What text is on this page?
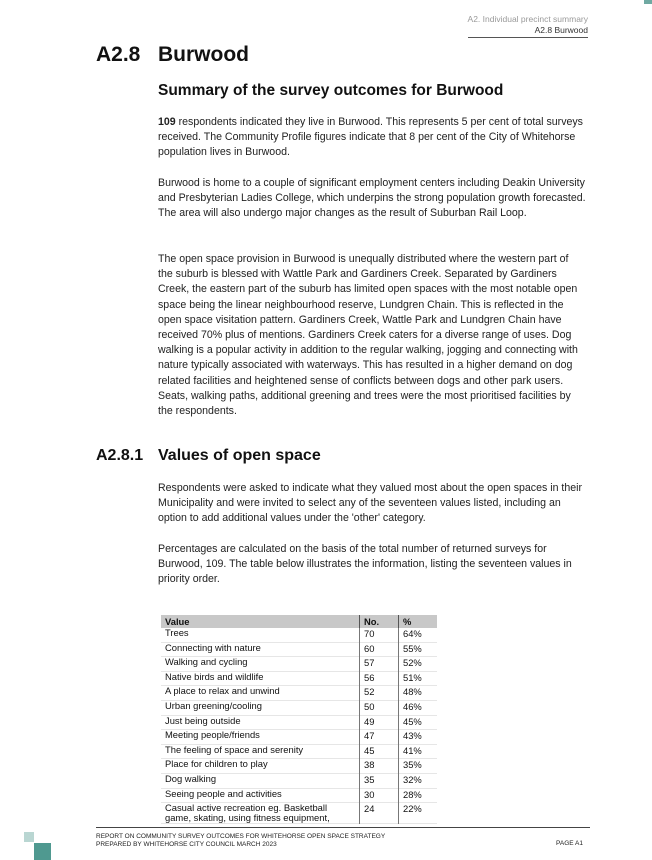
A2. Individual precinct summary
A2.8 Burwood
A2.8 Burwood
Summary of the survey outcomes for Burwood

109 respondents indicated they live in Burwood. This represents 5 per cent of total surveys received. The Community Profile figures indicate that 8 per cent of the City of Whitehorse population lives in Burwood.

Burwood is home to a couple of significant employment centers including Deakin University and Presbyterian Ladies College, which underpins the strong population growth forecasted. The area will also undergo major changes as the result of Suburban Rail Loop.

The open space provision in Burwood is unequally distributed where the western part of the suburb is blessed with Wattle Park and Gardiners Creek. Separated by Gardiners Creek, the eastern part of the suburb has limited open spaces with the most notable open space being the linear neighbourhood reserve, Lundgren Chain. This is reflected in the open space visitation pattern. Gardiners Creek, Wattle Park and Lundgren Chain have received 70% plus of mentions. Gardiners Creek caters for a diverse range of uses. Dog walking is a popular activity in addition to the regular walking, jogging and connecting with nature typically associated with waterways. This has resulted in a higher demand on dog related facilities and heightened sense of conflicts between dogs and other park users. Seats, walking paths, additional greening and trees were the most prioritised facilities by the respondents.

A2.8.1 Values of open space

Respondents were asked to indicate what they valued most about the open spaces in their Municipality and were invited to select any of the seventeen values listed, including an option to add additional values under the 'other' category.

Percentages are calculated on the basis of the total number of returned surveys for Burwood, 109. The table below illustrates the information, listing the seventeen values in priority order.

Value	No.	%
Trees	70	64%
Connecting with nature	60	55%
Walking and cycling	57	52%
Native birds and wildlife	56	51%
A place to relax and unwind	52	48%
Urban greening/cooling	50	46%
Just being outside	49	45%
Meeting people/friends	47	43%
The feeling of space and serenity	45	41%
Place for children to play	38	35%
Dog walking	35	32%
Seeing people and activities	30	28%
Casual active recreation eg. Basketball game, skating, using fitness equipment,	24	22%
REPORT ON COMMUNITY SURVEY OUTCOMES FOR WHITEHORSE OPEN SPACE STRATEGY
PREPARED BY WHITEHORSE CITY COUNCIL MARCH 2023	PAGE A1
